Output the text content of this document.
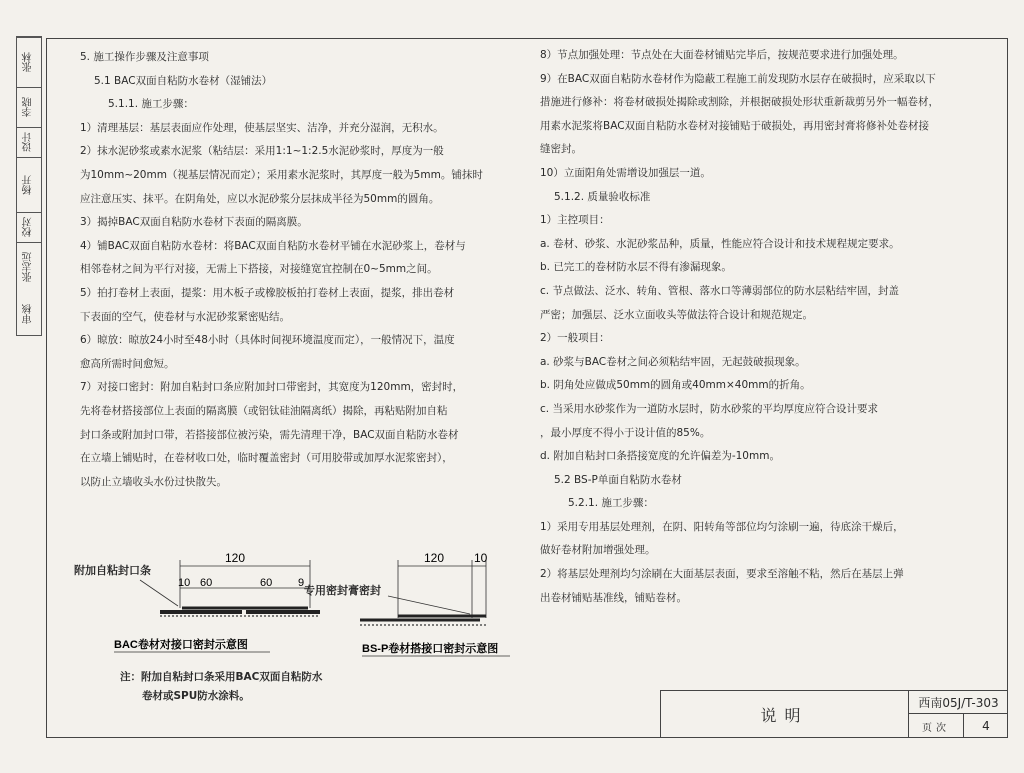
张林
李晓
设计
杨开
校对
张志远
审核
5. 施工操作步骤及注意事项
5.1 BAC双面自粘防水卷材（湿铺法）
5.1.1. 施工步骤：
1）清理基层：基层表面应作处理，使基层坚实、洁净，并充分湿润，无积水。
2）抹水泥砂浆或素水泥浆（粘结层：采用1:1~1:2.5水泥砂浆时，厚度为一般
为10mm~20mm（视基层情况而定）；采用素水泥浆时，其厚度一般为5mm。铺抹时
应注意压实、抹平。在阴角处，应以水泥砂浆分层抹成半径为50mm的圆角。
3）揭掉BAC双面自粘防水卷材下表面的隔离膜。
4）铺BAC双面自粘防水卷材：将BAC双面自粘防水卷材平铺在水泥砂浆上，卷材与
相邻卷材之间为平行对接，无需上下搭接，对接缝宽宜控制在0~5mm之间。
5）拍打卷材上表面，提浆：用木板子或橡胶板拍打卷材上表面，提浆，排出卷材
下表面的空气，使卷材与水泥砂浆紧密贴结。
6）晾放：晾放24小时至48小时（具体时间视环境温度而定），一般情况下，温度
愈高所需时间愈短。
7）对接口密封：附加自粘封口条应附加封口带密封，其宽度为120mm，密封时，
先将卷材搭接部位上表面的隔离膜（或铝钛硅油隔离纸）揭除，再粘贴附加自粘
封口条或附加封口带，若搭接部位被污染，需先清理干净，BAC双面自粘防水卷材
在立墙上铺贴时，在卷材收口处，临时覆盖密封（可用胶带或加厚水泥浆密封），
以防止立墙收头水份过快散失。
8）节点加强处理：节点处在大面卷材铺贴完毕后，按规范要求进行加强处理。
9）在BAC双面自粘防水卷材作为隐蔽工程施工前发现防水层存在破损时，应采取以下
措施进行修补：将卷材破损处揭除或割除，并根据破损处形状重新裁剪另外一幅卷材，
用素水泥浆将BAC双面自粘防水卷材对接铺贴于破损处，再用密封膏将修补处卷材接
缝密封。
10）立面阳角处需增设加强层一道。
5.1.2. 质量验收标准
1）主控项目：
a. 卷材、砂浆、水泥砂浆品种，质量，性能应符合设计和技术规程规定要求。
b. 已完工的卷材防水层不得有渗漏现象。
c. 节点做法、泛水、转角、管根、落水口等薄弱部位的防水层粘结牢固，封盖
严密；加强层、泛水立面收头等做法符合设计和规范规定。
2）一般项目：
a. 砂浆与BAC卷材之间必须粘结牢固，无起鼓破损现象。
b. 阴角处应做成50mm的圆角或40mm×40mm的折角。
c. 当采用水砂浆作为一道防水层时，防水砂浆的平均厚度应符合设计要求
，最小厚度不得小于设计值的85%。
d. 附加自粘封口条搭接宽度的允许偏差为-10mm。
5.2 BS-P单面自粘防水卷材
5.2.1. 施工步骤：
1）采用专用基层处理剂，在阴、阳转角等部位均匀涂刷一遍，待底涂干燥后，
做好卷材附加增强处理。
2）将基层处理剂均匀涂刷在大面基层表面，要求至溶触不粘，然后在基层上弹
出卷材铺贴基准线，铺贴卷材。
120
10 60	60 9
BAC卷材对接口密封示意图
附加自粘封口条
120 10
BS-P卷材搭接口密封示意图
专用密封膏密封
注：附加自粘封口条采用BAC双面自粘防水
卷材或SPU防水涂料。
说明
西南05J/T-303
页次	4
